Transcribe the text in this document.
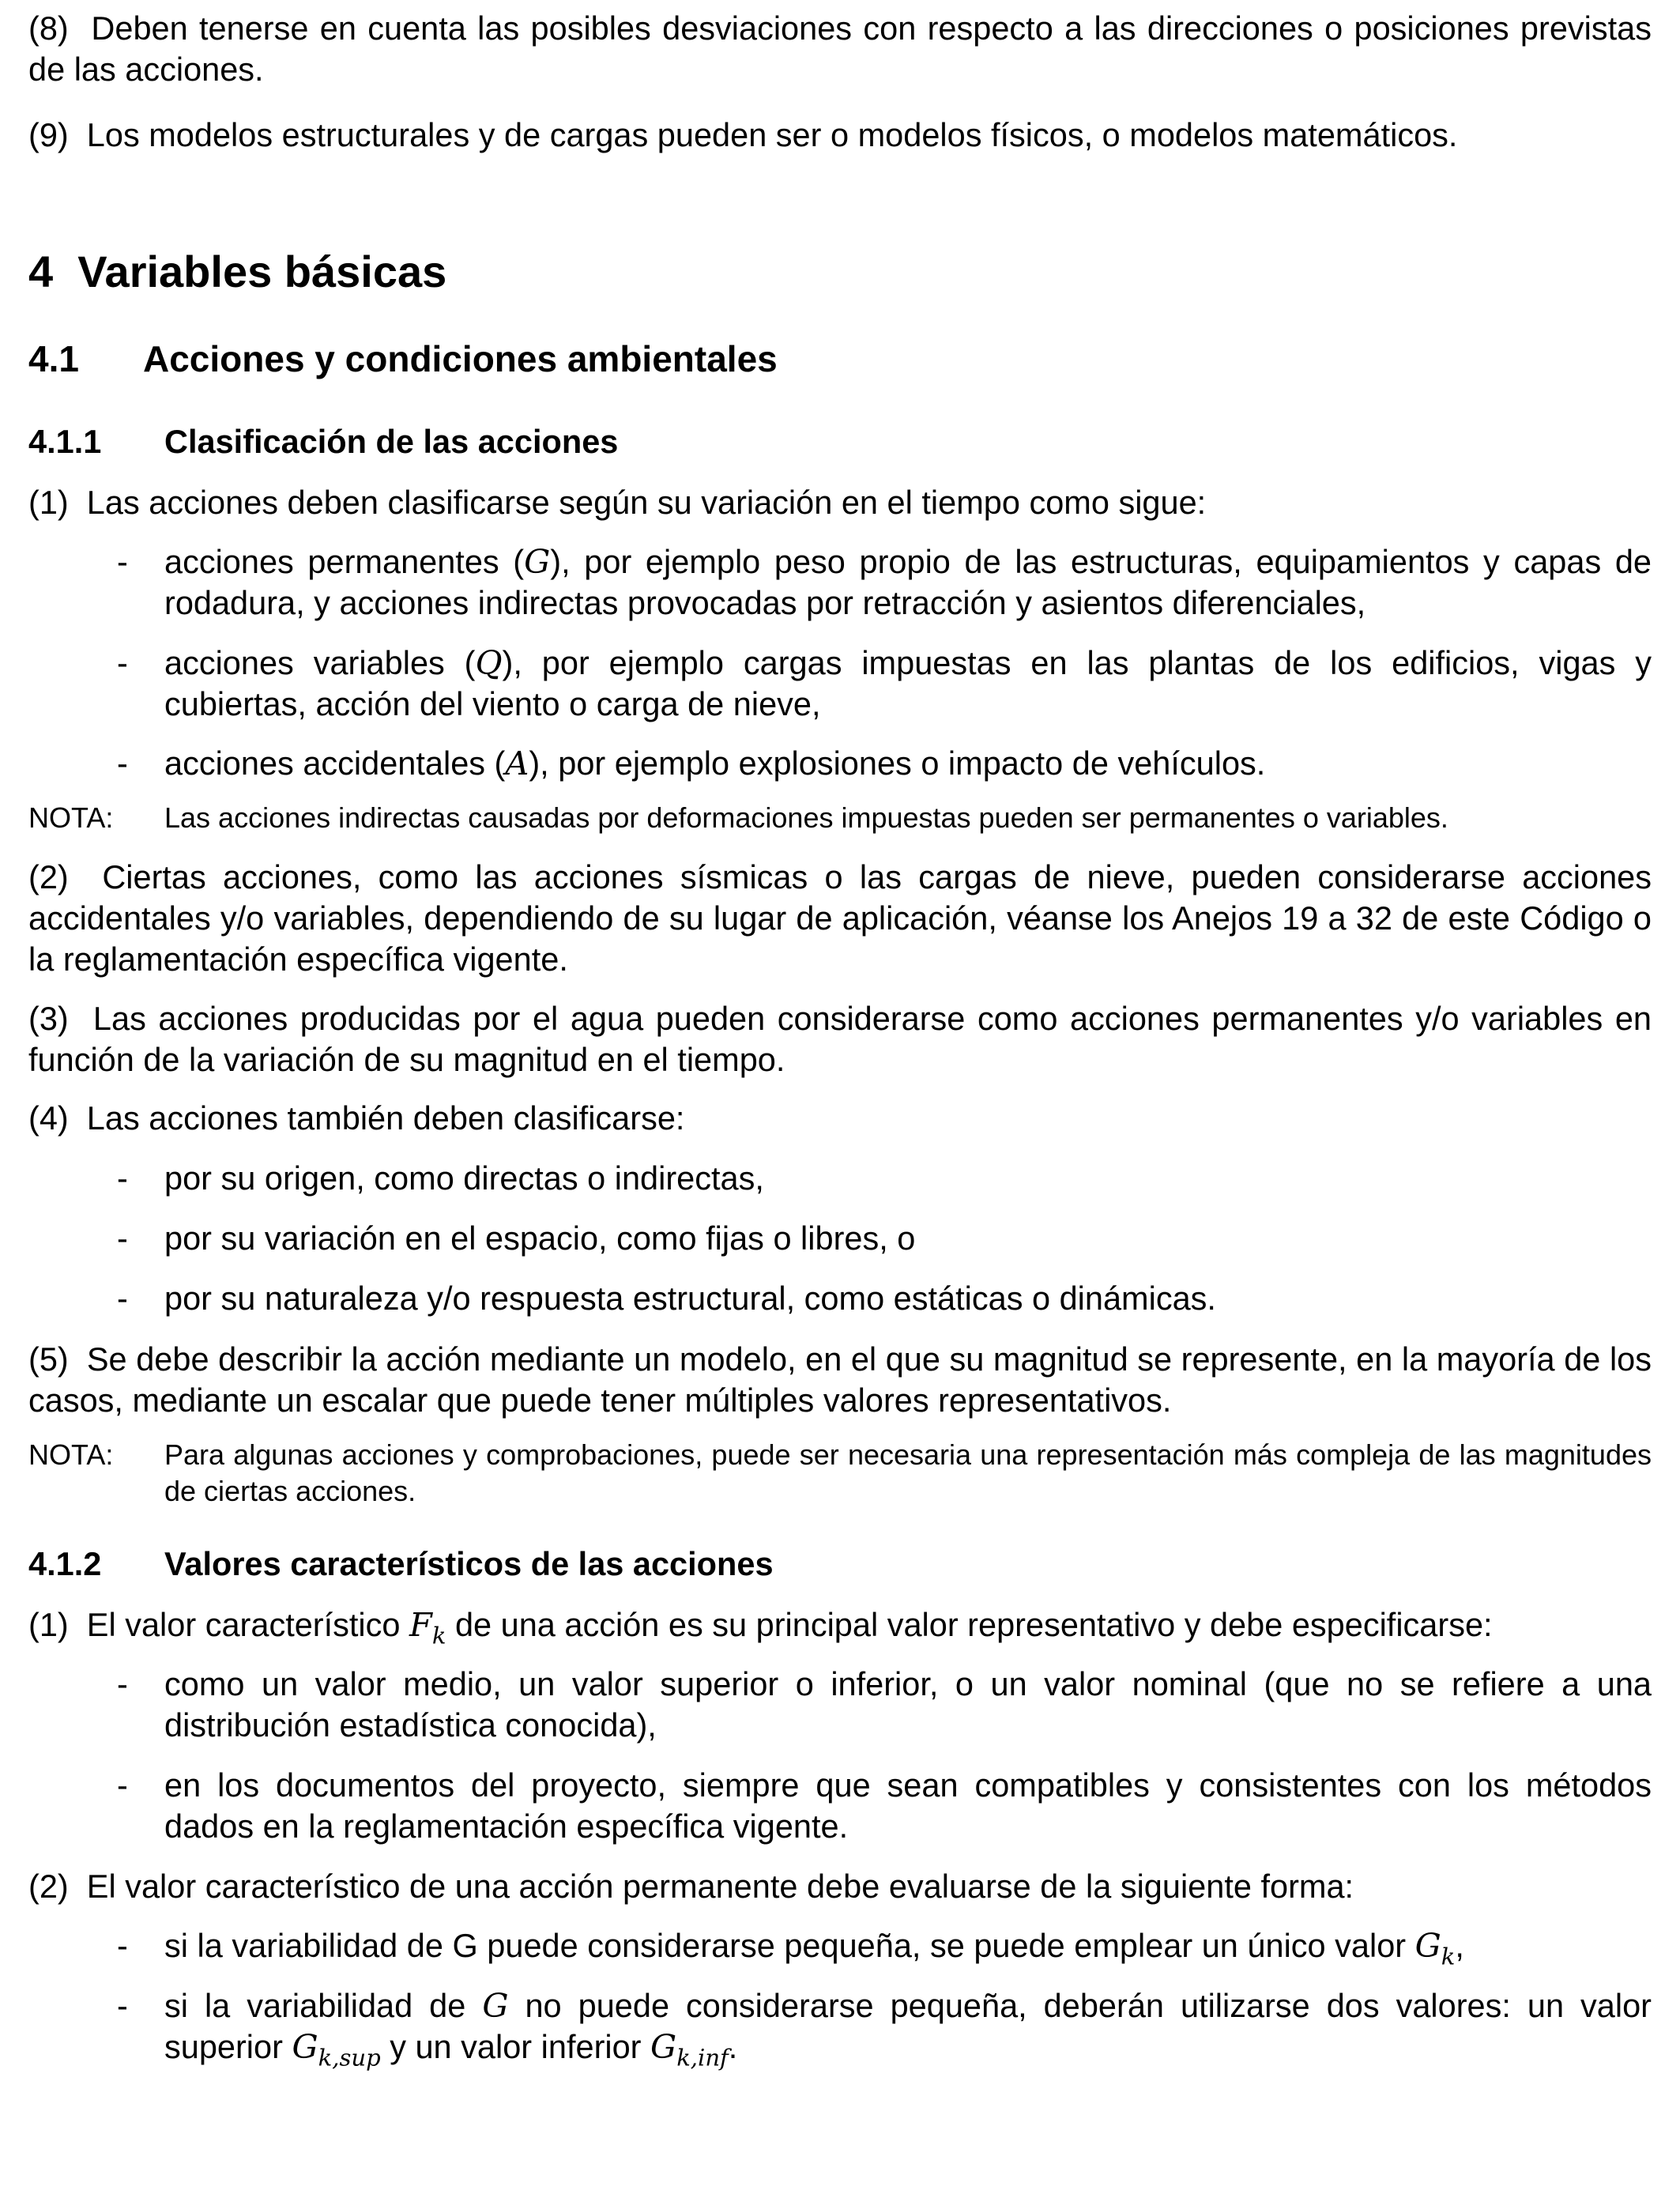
(8) Deben tenerse en cuenta las posibles desviaciones con respecto a las direcciones o posiciones previstas de las acciones.
(9) Los modelos estructurales y de cargas pueden ser o modelos físicos, o modelos matemáticos.
4 Variables básicas
4.1 Acciones y condiciones ambientales
4.1.1 Clasificación de las acciones
(1) Las acciones deben clasificarse según su variación en el tiempo como sigue:
- acciones permanentes (G), por ejemplo peso propio de las estructuras, equipamientos y capas de rodadura, y acciones indirectas provocadas por retracción y asientos diferenciales,
- acciones variables (Q), por ejemplo cargas impuestas en las plantas de los edificios, vigas y cubiertas, acción del viento o carga de nieve,
- acciones accidentales (A), por ejemplo explosiones o impacto de vehículos.
NOTA: Las acciones indirectas causadas por deformaciones impuestas pueden ser permanentes o variables.
(2) Ciertas acciones, como las acciones sísmicas o las cargas de nieve, pueden considerarse acciones accidentales y/o variables, dependiendo de su lugar de aplicación, véanse los Anejos 19 a 32 de este Código o la reglamentación específica vigente.
(3) Las acciones producidas por el agua pueden considerarse como acciones permanentes y/o variables en función de la variación de su magnitud en el tiempo.
(4) Las acciones también deben clasificarse:
- por su origen, como directas o indirectas,
- por su variación en el espacio, como fijas o libres, o
- por su naturaleza y/o respuesta estructural, como estáticas o dinámicas.
(5) Se debe describir la acción mediante un modelo, en el que su magnitud se represente, en la mayoría de los casos, mediante un escalar que puede tener múltiples valores representativos.
NOTA: Para algunas acciones y comprobaciones, puede ser necesaria una representación más compleja de las magnitudes de ciertas acciones.
4.1.2 Valores característicos de las acciones
(1) El valor característico $F_k$ de una acción es su principal valor representativo y debe especificarse:
- como un valor medio, un valor superior o inferior, o un valor nominal (que no se refiere a una distribución estadística conocida),
- en los documentos del proyecto, siempre que sean compatibles y consistentes con los métodos dados en la reglamentación específica vigente.
(2) El valor característico de una acción permanente debe evaluarse de la siguiente forma:
- si la variabilidad de G puede considerarse pequeña, se puede emplear un único valor $G_k$,
- si la variabilidad de G no puede considerarse pequeña, deberán utilizarse dos valores: un valor superior $G_{k,sup}$ y un valor inferior $G_{k,inf}$.
